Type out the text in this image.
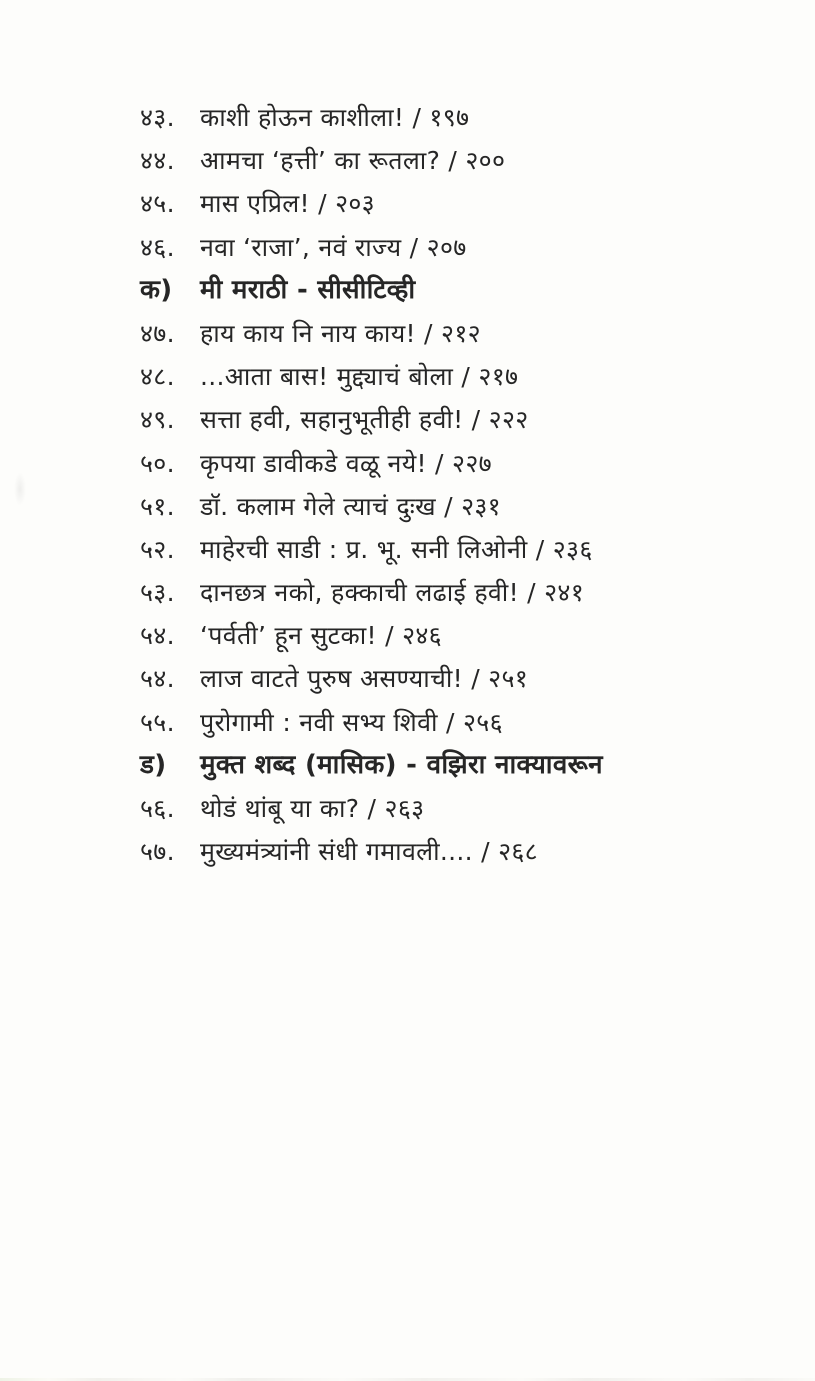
४३.	काशी होऊन काशीला! / १९७
४४.	आमचा ‘हत्ती’ का रूतला? / २००
४५.	मास एप्रिल! / २०३
४६.	नवा ‘राजा’, नवं राज्य / २०७
क)	मी मराठी - सीसीटिव्ही
४७.	हाय काय नि नाय काय! / २१२
४८.	...आता बास! मुद्द्याचं बोला / २१७
४९.	सत्ता हवी, सहानुभूतीही हवी! / २२२
५०.	कृपया डावीकडे वळू नये! / २२७
५१.	डॉ. कलाम गेले त्याचं दुःख / २३१
५२.	माहेरची साडी : प्र. भू. सनी लिओनी / २३६
५३.	दानछत्र नको, हक्काची लढाई हवी! / २४१
५४.	‘पर्वती’ हून सुटका! / २४६
५४.	लाज वाटते पुरुष असण्याची! / २५१
५५.	पुरोगामी : नवी सभ्य शिवी / २५६
ड)	मुक्त शब्द (मासिक) - वझिरा नाक्यावरून
५६.	थोडं थांबू या का? / २६३
५७.	मुख्यमंत्र्यांनी संधी गमावली.... / २६८
